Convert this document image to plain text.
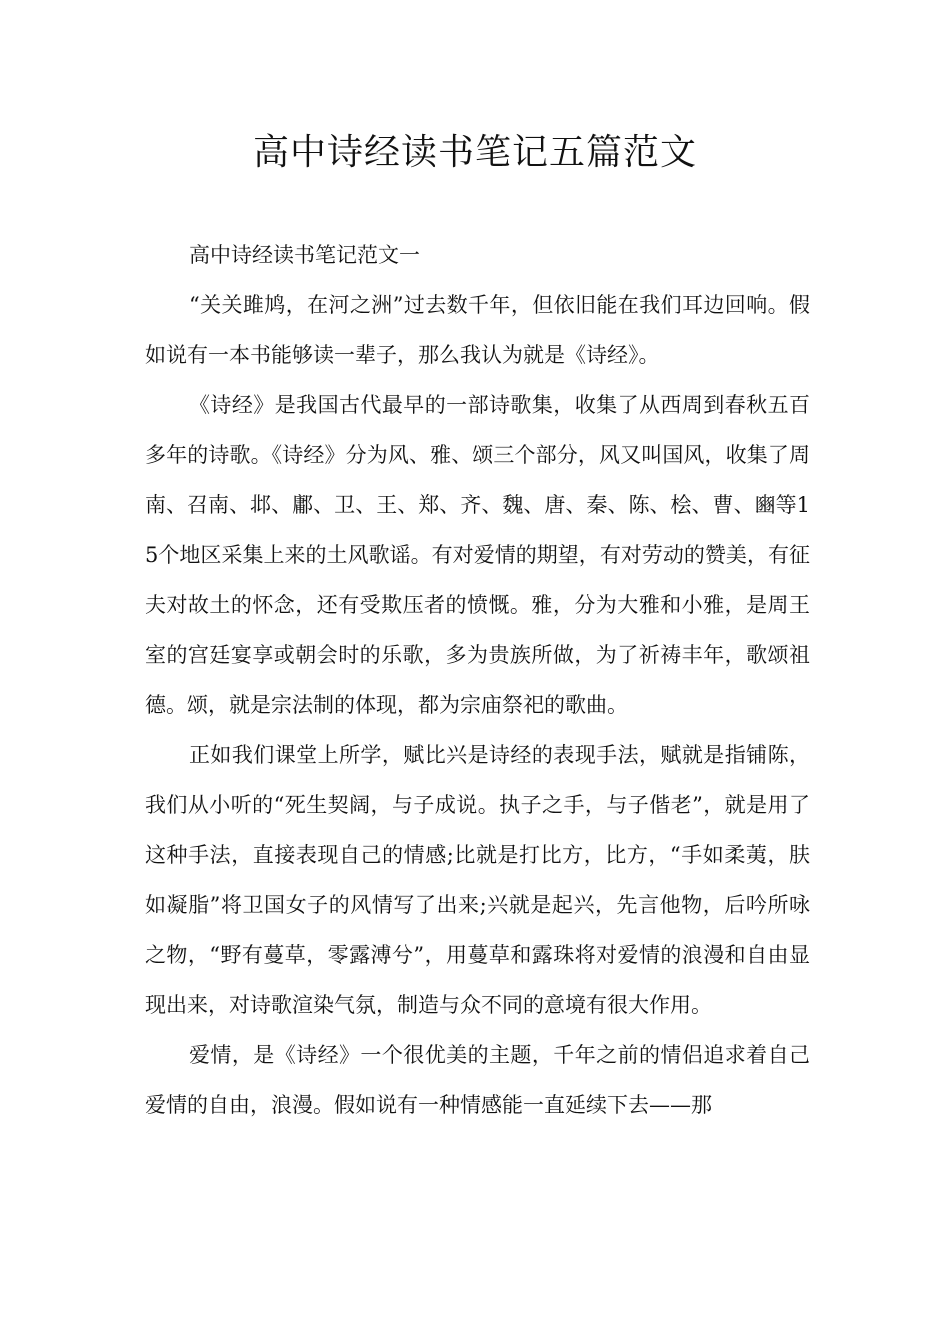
高中诗经读书笔记五篇范文

高中诗经读书笔记范文一

“关关雎鸠，在河之洲”过去数千年，但依旧能在我们耳边回响。假如说有一本书能够读一辈子，那么我认为就是《诗经》。

《诗经》是我国古代最早的一部诗歌集，收集了从西周到春秋五百多年的诗歌。《诗经》分为风、雅、颂三个部分，风又叫国风，收集了周南、召南、邶、鄘、卫、王、郑、齐、魏、唐、秦、陈、桧、曹、豳等15个地区采集上来的土风歌谣。有对爱情的期望，有对劳动的赞美，有征夫对故土的怀念，还有受欺压者的愤慨。雅，分为大雅和小雅，是周王室的宫廷宴享或朝会时的乐歌，多为贵族所做，为了祈祷丰年，歌颂祖德。颂，就是宗法制的体现，都为宗庙祭祀的歌曲。

正如我们课堂上所学，赋比兴是诗经的表现手法，赋就是指铺陈，我们从小听的“死生契阔，与子成说。执子之手，与子偕老”，就是用了这种手法，直接表现自己的情感;比就是打比方，比方，“手如柔荑，肤如凝脂”将卫国女子的风情写了出来;兴就是起兴，先言他物，后吟所咏之物，“野有蔓草，零露溥兮”，用蔓草和露珠将对爱情的浪漫和自由显现出来，对诗歌渲染气氛，制造与众不同的意境有很大作用。

爱情，是《诗经》一个很优美的主题，千年之前的情侣追求着自己爱情的自由，浪漫。假如说有一种情感能一直延续下去——那
